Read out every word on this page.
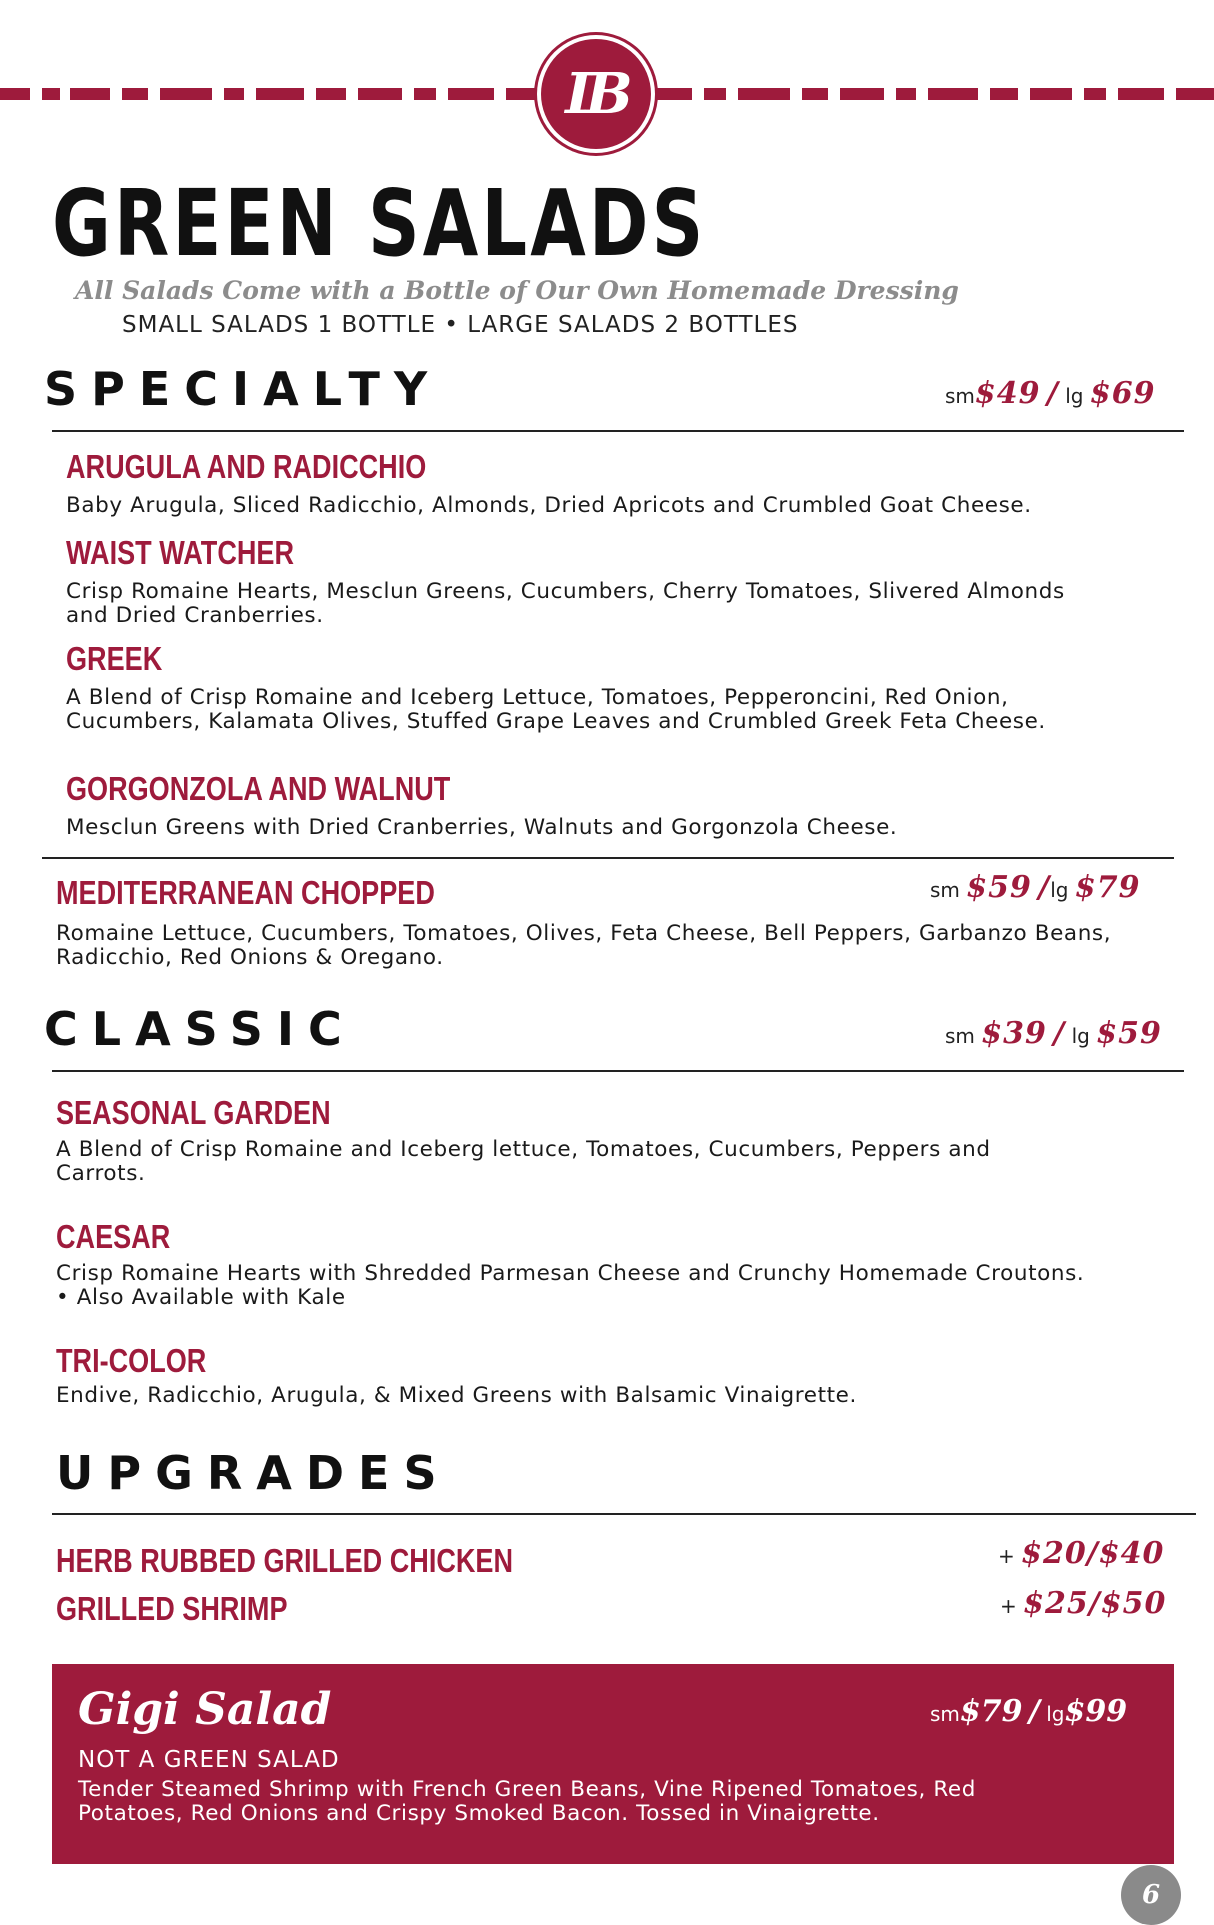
IB
GREEN SALADS
All Salads Come with a Bottle of Our Own Homemade Dressing
SMALL SALADS 1 BOTTLE • LARGE SALADS 2 BOTTLES
SPECIALTY	sm$49 / lg $69
ARUGULA AND RADICCHIO
Baby Arugula, Sliced Radicchio, Almonds, Dried Apricots and Crumbled Goat Cheese.
WAIST WATCHER
Crisp Romaine Hearts, Mesclun Greens, Cucumbers, Cherry Tomatoes, Slivered Almonds and Dried Cranberries.
GREEK
A Blend of Crisp Romaine and Iceberg Lettuce, Tomatoes, Pepperoncini, Red Onion, Cucumbers, Kalamata Olives, Stuffed Grape Leaves and Crumbled Greek Feta Cheese.
GORGONZOLA AND WALNUT
Mesclun Greens with Dried Cranberries, Walnuts and Gorgonzola Cheese.
MEDITERRANEAN CHOPPED	sm $59 /lg $79
Romaine Lettuce, Cucumbers, Tomatoes, Olives, Feta Cheese, Bell Peppers, Garbanzo Beans, Radicchio, Red Onions & Oregano.
CLASSIC	sm $39 / lg $59
SEASONAL GARDEN
A Blend of Crisp Romaine and Iceberg lettuce, Tomatoes, Cucumbers, Peppers and Carrots.
CAESAR
Crisp Romaine Hearts with Shredded Parmesan Cheese and Crunchy Homemade Croutons. • Also Available with Kale
TRI-COLOR
Endive, Radicchio, Arugula, & Mixed Greens with Balsamic Vinaigrette.
UPGRADES
HERB RUBBED GRILLED CHICKEN	+ $20/$40
GRILLED SHRIMP	+ $25/$50
Gigi Salad	sm$79 / lg$99
NOT A GREEN SALAD
Tender Steamed Shrimp with French Green Beans, Vine Ripened Tomatoes, Red Potatoes, Red Onions and Crispy Smoked Bacon. Tossed in Vinaigrette.
6
